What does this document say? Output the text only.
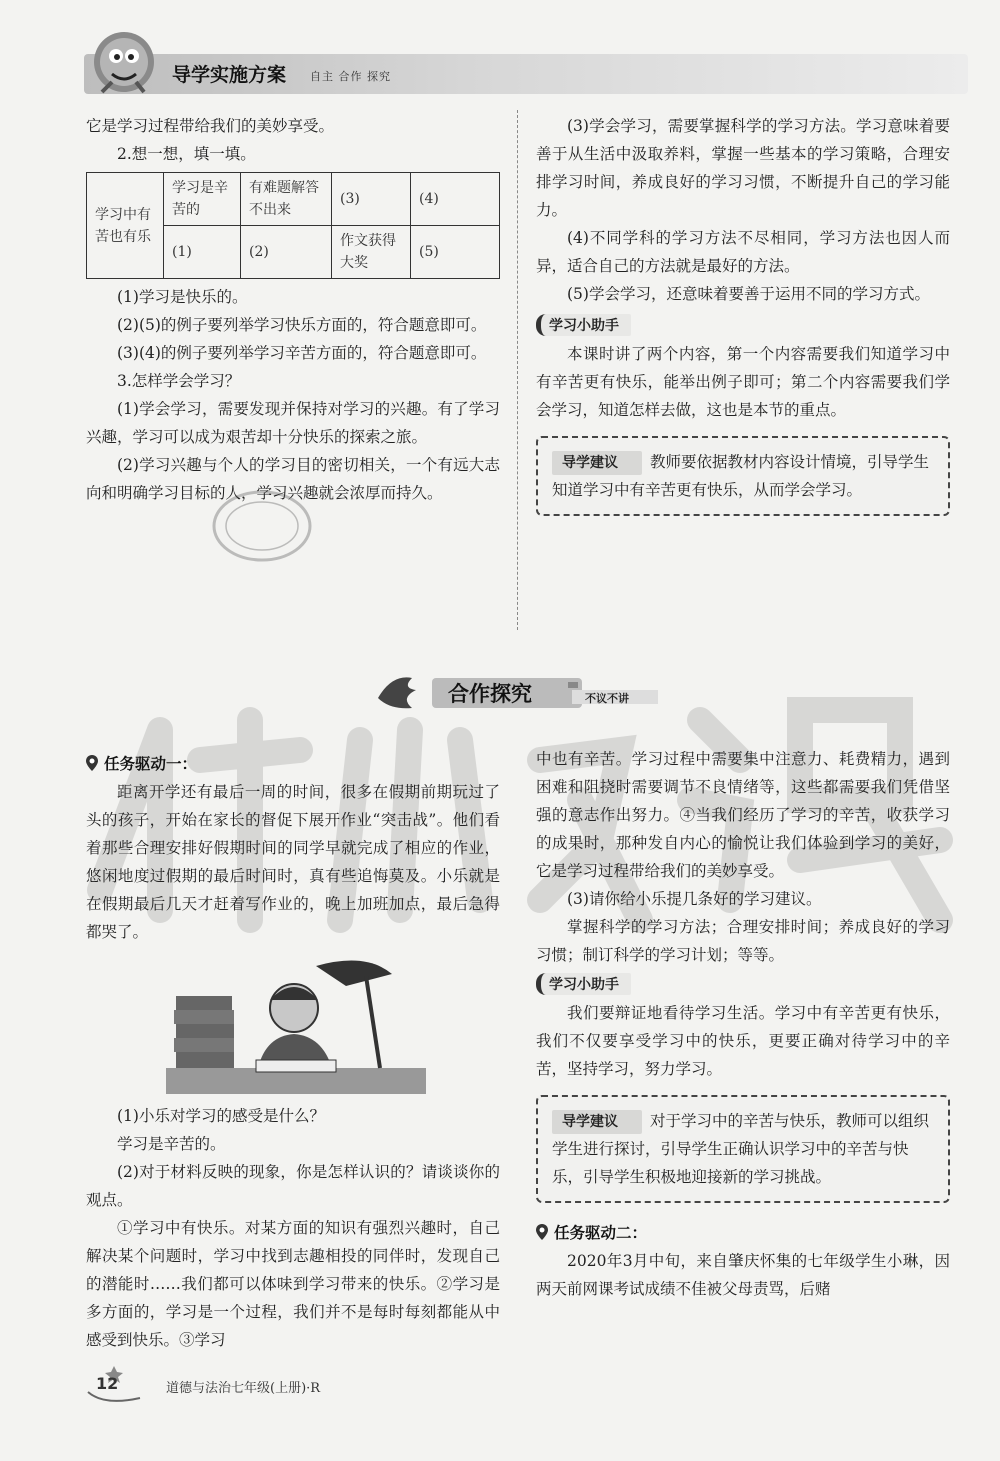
导学实施方案 自主 合作 探究

它是学习过程带给我们的美妙享受。

2.想一想，填一填。

学习中有苦也有乐	学习是辛苦的	有难题解答不出来	(3)	(4)
	(1)	(2)	作文获得大奖	(5)

(1)学习是快乐的。

(2)(5)的例子要列举学习快乐方面的，符合题意即可。

(3)(4)的例子要列举学习辛苦方面的，符合题意即可。

3.怎样学会学习？

(1)学会学习，需要发现并保持对学习的兴趣。有了学习兴趣，学习可以成为艰苦却十分快乐的探索之旅。

(2)学习兴趣与个人的学习目的密切相关，一个有远大志向和明确学习目标的人，学习兴趣就会浓厚而持久。

(3)学会学习，需要掌握科学的学习方法。学习意味着要善于从生活中汲取养料，掌握一些基本的学习策略，合理安排学习时间，养成良好的学习习惯，不断提升自己的学习能力。

(4)不同学科的学习方法不尽相同，学习方法也因人而异，适合自己的方法就是最好的方法。

(5)学会学习，还意味着要善于运用不同的学习方式。

学习小助手

本课时讲了两个内容，第一个内容需要我们知道学习中有辛苦更有快乐，能举出例子即可；第二个内容需要我们学会学习，知道怎样去做，这也是本节的重点。

导学建议 教师要依据教材内容设计情境，引导学生知道学习中有辛苦更有快乐，从而学会学习。
合作探究	不议不讲
任务驱动一：

距离开学还有最后一周的时间，很多在假期前期玩过了头的孩子，开始在家长的督促下展开作业“突击战”。他们看着那些合理安排好假期时间的同学早就完成了相应的作业，悠闲地度过假期的最后时间时，真有些追悔莫及。小乐就是在假期最后几天才赶着写作业的，晚上加班加点，最后急得都哭了。

(1)小乐对学习的感受是什么？

学习是辛苦的。

(2)对于材料反映的现象，你是怎样认识的？请谈谈你的观点。

①学习中有快乐。对某方面的知识有强烈兴趣时，自己解决某个问题时，学习中找到志趣相投的同伴时，发现自己的潜能时……我们都可以体味到学习带来的快乐。②学习是多方面的，学习是一个过程，我们并不是每时每刻都能从中感受到快乐。③学习

中也有辛苦。学习过程中需要集中注意力、耗费精力，遇到困难和阻挠时需要调节不良情绪等，这些都需要我们凭借坚强的意志作出努力。④当我们经历了学习的辛苦，收获学习的成果时，那种发自内心的愉悦让我们体验到学习的美好，它是学习过程带给我们的美妙享受。

(3)请你给小乐提几条好的学习建议。

掌握科学的学习方法；合理安排时间；养成良好的学习习惯；制订科学的学习计划；等等。

学习小助手

我们要辩证地看待学习生活。学习中有辛苦更有快乐，我们不仅要享受学习中的快乐，更要正确对待学习中的辛苦，坚持学习，努力学习。

导学建议 对于学习中的辛苦与快乐，教师可以组织学生进行探讨，引导学生正确认识学习中的辛苦与快乐，引导学生积极地迎接新的学习挑战。
任务驱动二：

2020年3月中旬，来自肇庆怀集的七年级学生小琳，因两天前网课考试成绩不佳被父母责骂，后赌

12	道德与法治七年级(上册)·R
